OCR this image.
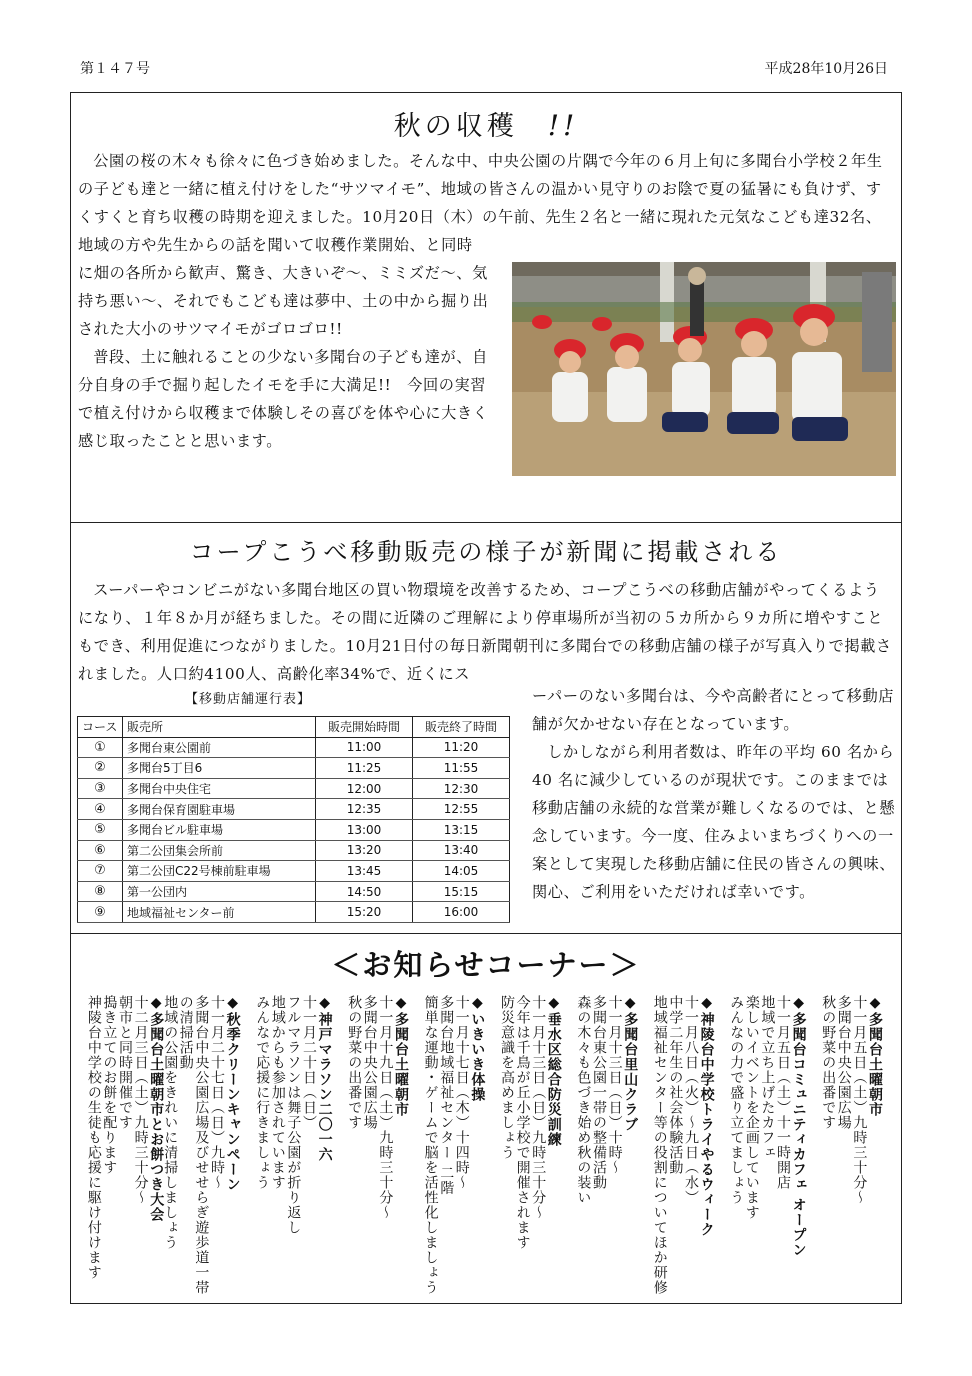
第１４７号	平成28年10月26日
秋の収穫 !!

公園の桜の木々も徐々に色づき始めました。そんな中、中央公園の片隅で今年の６月上旬に多聞台小学校２年生の子ども達と一緒に植え付けをした“サツマイモ”、地域の皆さんの温かい見守りのお陰で夏の猛暑にも負けず、すくすくと育ち収穫の時期を迎えました。10月20日（木）の午前、先生２名と一緒に現れた元気なこども達32名、地域の方や先生からの話を聞いて収穫作業開始、と同時

に畑の各所から歓声、驚き、大きいぞ～、ミミズだ～、気持ち悪い～、それでもこども達は夢中、土の中から掘り出された大小のサツマイモがゴロゴロ!!

普段、土に触れることの少ない多聞台の子ども達が、自分自身の手で掘り起したイモを手に大満足!!　今回の実習で植え付けから収穫まで体験しその喜びを体や心に大きく感じ取ったことと思います。

コープこうべ移動販売の様子が新聞に掲載される

スーパーやコンビニがない多聞台地区の買い物環境を改善するため、コープこうべの移動店舗がやってくるようになり、１年８か月が経ちました。その間に近隣のご理解により停車場所が当初の５カ所から９カ所に増やすこともでき、利用促進につながりました。10月21日付の毎日新聞朝刊に多聞台での移動店舗の様子が写真入りで掲載されました。人口約4100人、高齢化率34%で、近くにス

ーパーのない多聞台は、今や高齢者にとって移動店舗が欠かせない存在となっています。

しかしながら利用者数は、昨年の平均 60 名から 40 名に減少しているのが現状です。このままでは移動店舗の永続的な営業が難しくなるのでは、と懸念しています。今一度、住みよいまちづくりへの一案として実現した移動店舗に住民の皆さんの興味、関心、ご利用をいただければ幸いです。

【移動店舗運行表】
コース	販売所	販売開始時間	販売終了時間
①	多聞台東公園前	11:00	11:20
②	多聞台5丁目6	11:25	11:55
③	多聞台中央住宅	12:00	12:30
④	多聞台保育園駐車場	12:35	12:55
⑤	多聞台ビル駐車場	13:00	13:15
⑥	第二公団集会所前	13:20	13:40
⑦	第二公団C22号棟前駐車場	13:45	14:05
⑧	第一公団内	14:50	15:15
⑨	地域福祉センター前	15:20	16:00
＜お知らせコーナー＞
◆多聞台土曜朝市
十一月五日（土）九時三十分～
多聞台中央公園広場
秋の野菜の出番です
◆多聞台コミュニティカフェ オープン
十一月五日（土）十一時開店
地域で立ち上げたカフェ
楽しいイベントを企画しています
みんなの力で盛り立てましょう
◆神陵台中学校トライやるウィーク
十一月八日（火）～九日（水）
中学二年生の社会体験活動
地域福祉センター等の役割についてほか研修
◆多聞台里山クラブ
十一月十三日（日）十時～
多聞台東公園一帯の整備活動
森の木々も色づき始め秋の装い
◆垂水区総合防災訓練
十一月十三日（日）九時三十分～
今年は千鳥が丘小学校で開催されます
防災意識を高めましょう
◆いきいき体操
十一月十七日（木）十四時～
多聞台地域福祉センター 二階
簡単な運動・ゲームで脳を活性化しましょう
◆多聞台土曜朝市
十一月十九日（土）九時三十分～
多聞台中央公園広場
秋の野菜の出番です
◆神戸マラソン二〇一六
十一月二十日（日）
フルマラソンは舞子公園が折り返し
地域からも参加されています
みんなで応援に行きましょう
◆秋季クリーンキャンペーン
十一月二十七日（日）九時～
多聞台中央公園広場及びせせらぎ遊歩道一帯の清掃活動
地域の公園をきれいに清掃しましょう
◆多聞台土曜朝市とお餅つき大会
十二月三日（土）九時三十分～
朝市と同時開催です
搗き立てのお餅を配ります
神陵台中学校の生徒も応援に駆け付けます
